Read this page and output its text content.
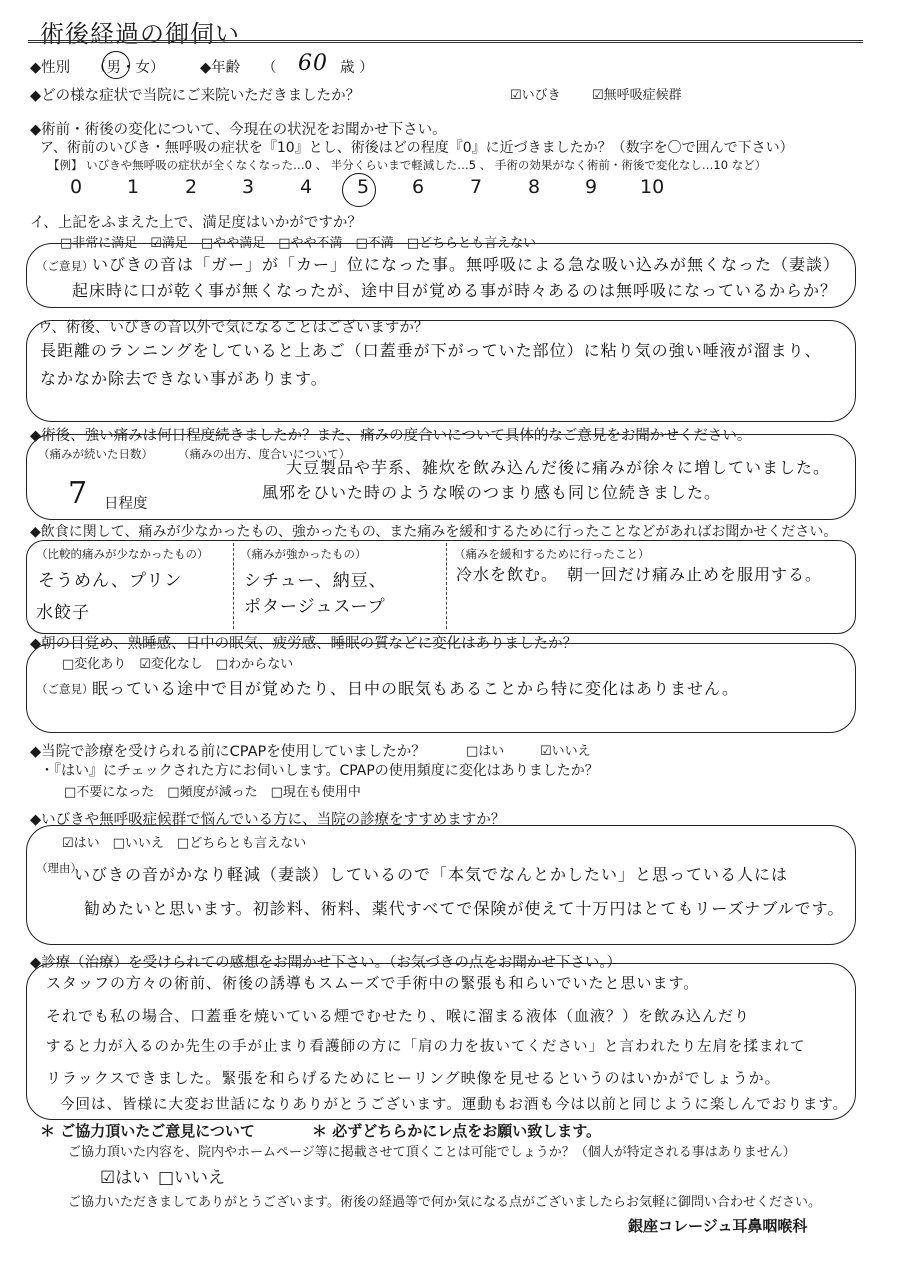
術後経過の御伺い
◆性別 （男・女） ◆年齢 （ 60 歳 ）
◆どの様な症状で当院にご来院いただきましたか？	☑いびき ☑無呼吸症候群
◆術前・術後の変化について、今現在の状況をお聞かせ下さい。
ア、術前のいびき・無呼吸の症状を『10』とし、術後はどの程度『0』に近づきましたか？（数字を〇で囲んで下さい）
【例】 いびきや無呼吸の症状が全くなくなった…0 、 半分くらいまで軽減した…5 、 手術の効果がなく術前・術後で変化なし…10 など）
0 1 2 3 4 5 6 7 8 9 10
イ、上記をふまえた上で、満足度はいかがですか？
□非常に満足　☑満足　□やや満足　□やや不満　□不満　□どちらとも言えない
（ご意見）
いびきの音は「ガー」が「カー」位になった事。無呼吸による急な吸い込みが無くなった（妻談）
起床時に口が乾く事が無くなったが、途中目が覚める事が時々あるのは無呼吸になっているからか？
ウ、術後、いびきの音以外で気になることはございますか？
長距離のランニングをしていると上あご（口蓋垂が下がっていた部位）に粘り気の強い唾液が溜まり、
なかなか除去できない事があります。
◆術後、強い痛みは何日程度続きましたか？また、痛みの度合いについて具体的なご意見をお聞かせください。
（痛みが続いた日数）
7 日程度
（痛みの出方、度合いについて）
大豆製品や芋系、雑炊を飲み込んだ後に痛みが徐々に増していました。
風邪をひいた時のような喉のつまり感も同じ位続きました。
◆飲食に関して、痛みが少なかったもの、強かったもの、また痛みを緩和するために行ったことなどがあればお聞かせください。
（比較的痛みが少なかったもの）
そうめん、プリン
水餃子
（痛みが強かったもの）
シチュー、納豆、
ポタージュスープ
（痛みを緩和するために行ったこと）
冷水を飲む。　朝一回だけ痛み止めを服用する。
◆朝の目覚め、熟睡感、日中の眠気、疲労感、睡眠の質などに変化はありましたか？
□変化あり　☑変化なし　□わからない
（ご意見）
眠っている途中で目が覚めたり、日中の眠気もあることから特に変化はありません。
◆当院で診療を受けられる前にCPAPを使用していましたか？	□はい	☑いいえ
・『はい』にチェックされた方にお伺いします。CPAPの使用頻度に変化はありましたか？
□不要になった　□頻度が減った　□現在も使用中
◆いびきや無呼吸症候群で悩んでいる方に、当院の診療をすすめますか？
☑はい　□いいえ　□どちらとも言えない
（理由）
いびきの音がかなり軽減（妻談）しているので「本気でなんとかしたい」と思っている人には
勧めたいと思います。初診料、術料、薬代すべてで保険が使えて十万円はとてもリーズナブルです。
◆診療（治療）を受けられての感想をお聞かせ下さい。（お気づきの点をお聞かせ下さい。）
スタッフの方々の術前、術後の誘導もスムーズで手術中の緊張も和らいでいたと思います。
それでも私の場合、口蓋垂を焼いている煙でむせたり、喉に溜まる液体（血液？）を飲み込んだり
すると力が入るのか先生の手が止まり看護師の方に「肩の力を抜いてください」と言われたり左肩を揉まれて
リラックスできました。緊張を和らげるためにヒーリング映像を見せるというのはいかがでしょうか。
今回は、皆様に大変お世話になりありがとうございます。運動もお酒も今は以前と同じように楽しんでおります。
＊ ご協力頂いたご意見について	＊ 必ずどちらかにレ点をお願い致します。
ご協力頂いた内容を、院内やホームページ等に掲載させて頂くことは可能でしょうか？（個人が特定される事はありません）
☑はい □いいえ
ご協力いただきましてありがとうございます。術後の経過等で何か気になる点がございましたらお気軽に御問い合わせください。
銀座コレージュ耳鼻咽喉科
